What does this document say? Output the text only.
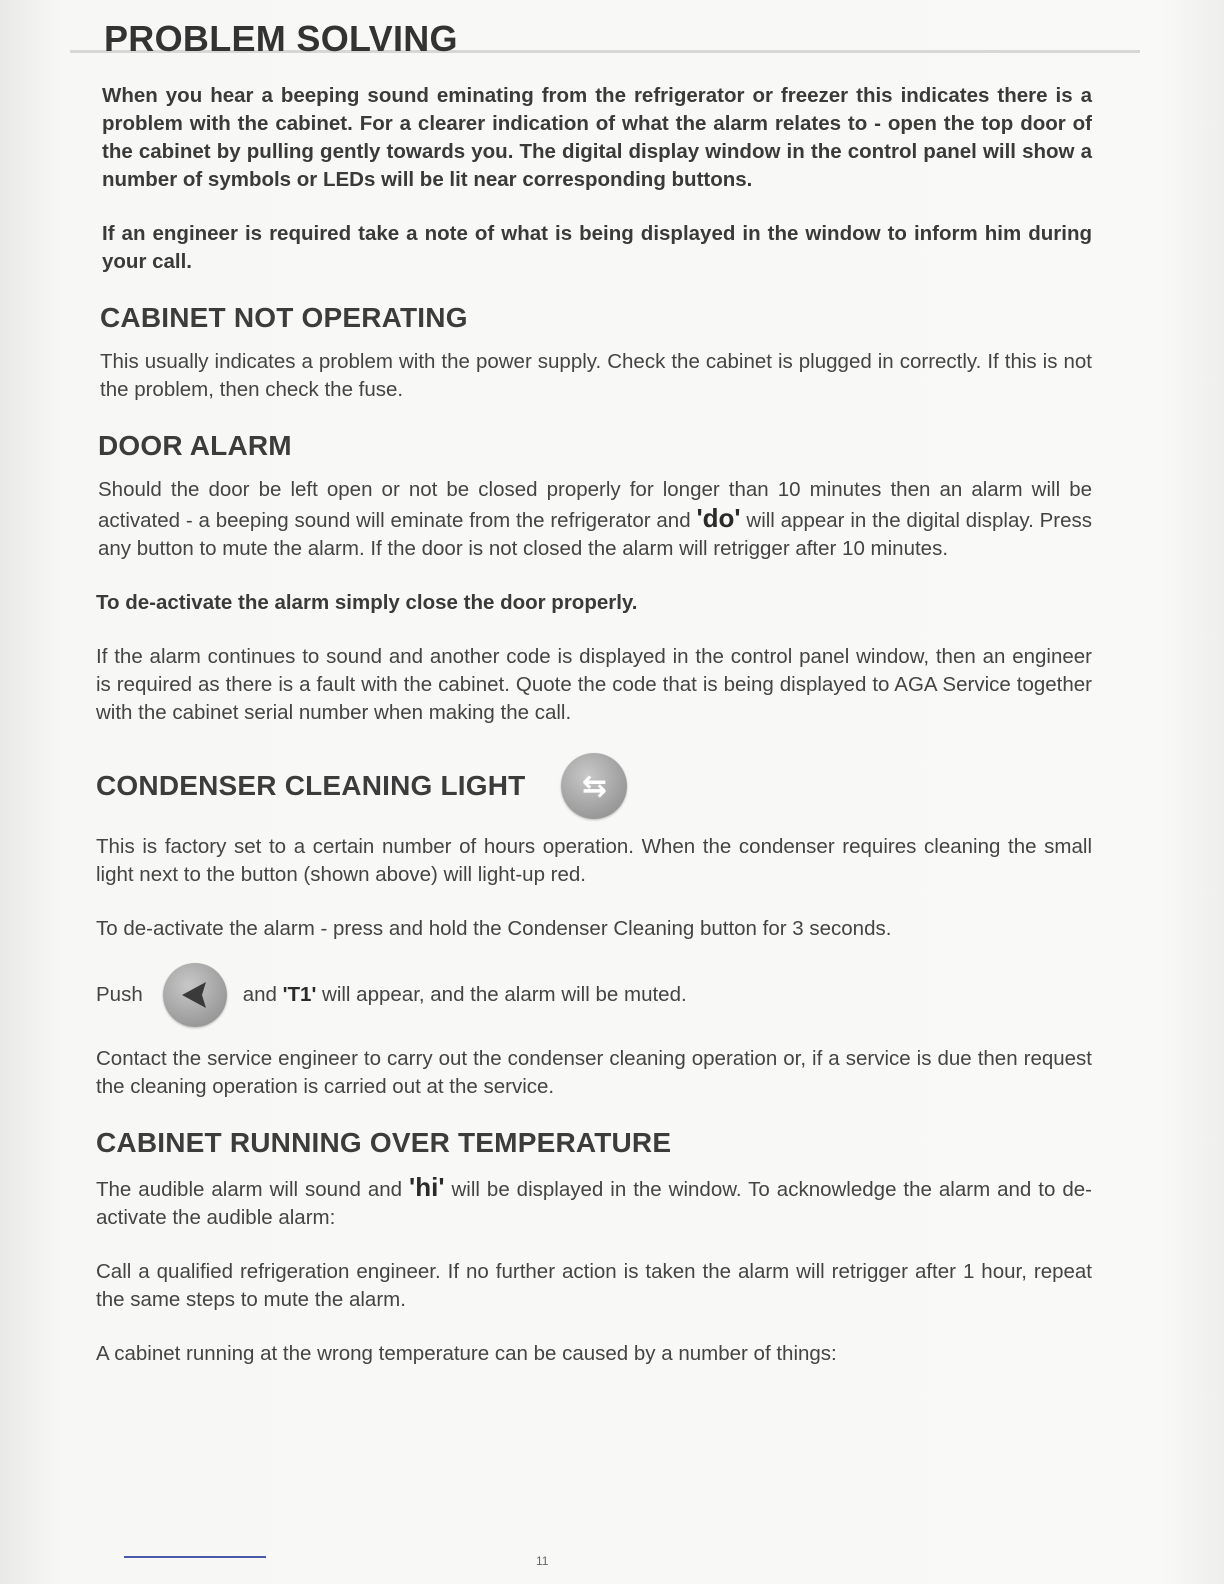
PROBLEM SOLVING

When you hear a beeping sound eminating from the refrigerator or freezer this indicates there is a problem with the cabinet. For a clearer indication of what the alarm relates to - open the top door of the cabinet by pulling gently towards you. The digital display window in the control panel will show a number of symbols or LEDs will be lit near corresponding buttons.

If an engineer is required take a note of what is being displayed in the window to inform him during your call.

CABINET NOT OPERATING

This usually indicates a problem with the power supply. Check the cabinet is plugged in correctly. If this is not the problem, then check the fuse.

DOOR ALARM

Should the door be left open or not be closed properly for longer than 10 minutes then an alarm will be activated - a beeping sound will eminate from the refrigerator and 'do' will appear in the digital display. Press any button to mute the alarm. If the door is not closed the alarm will retrigger after 10 minutes.

To de-activate the alarm simply close the door properly.

If the alarm continues to sound and another code is displayed in the control panel window, then an engineer is required as there is a fault with the cabinet. Quote the code that is being displayed to AGA Service together with the cabinet serial number when making the call.

CONDENSER CLEANING LIGHT ⇆

This is factory set to a certain number of hours operation. When the condenser requires cleaning the small light next to the button (shown above) will light-up red.

To de-activate the alarm - press and hold the Condenser Cleaning button for 3 seconds.

Push	and 'T1' will appear, and the alarm will be muted.

Contact the service engineer to carry out the condenser cleaning operation or, if a service is due then request the cleaning operation is carried out at the service.

CABINET RUNNING OVER TEMPERATURE

The audible alarm will sound and 'hi' will be displayed in the window. To acknowledge the alarm and to de-activate the audible alarm:

Call a qualified refrigeration engineer. If no further action is taken the alarm will retrigger after 1 hour, repeat the same steps to mute the alarm.

A cabinet running at the wrong temperature can be caused by a number of things:

11
